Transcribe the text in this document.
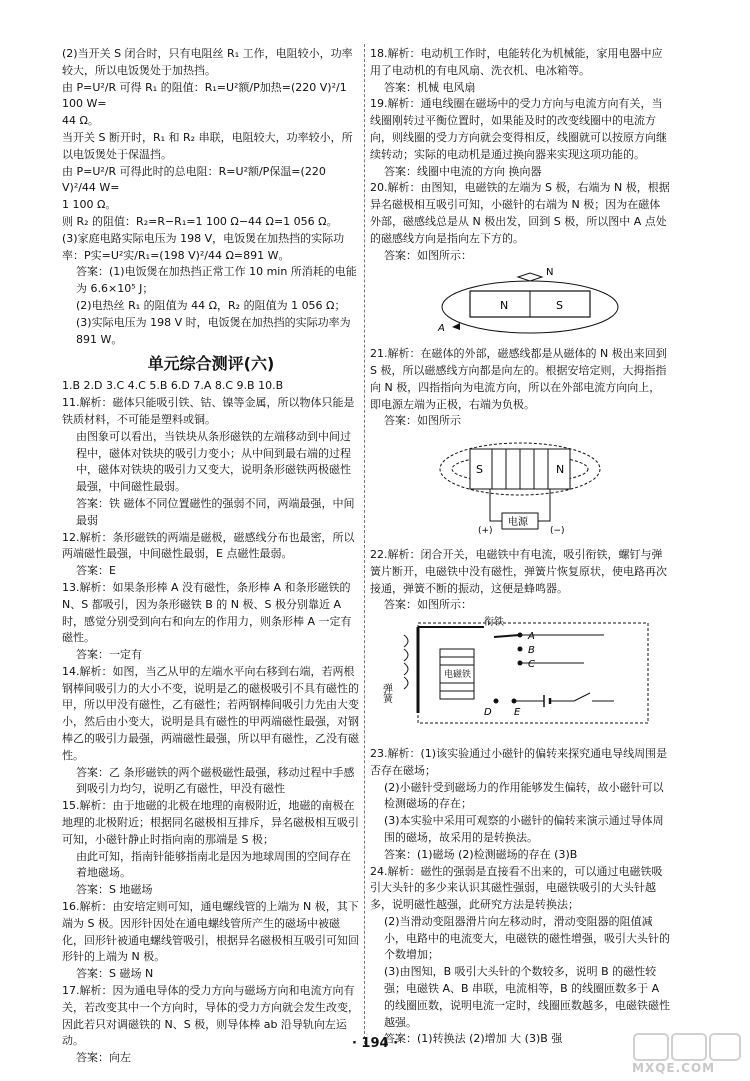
(2)当开关 S 闭合时，只有电阻丝 R₁ 工作，电阻较小，功率较大，所以电饭煲处于加热挡。

由 P=U²/R 可得 R₁ 的阻值：R₁=U²额/P加热=(220 V)²/1 100 W=

44 Ω。

当开关 S 断开时，R₁ 和 R₂ 串联，电阻较大，功率较小，所以电饭煲处于保温挡。

由 P=U²/R 可得此时的总电阻：R=U²额/P保温=(220 V)²/44 W=

1 100 Ω。

则 R₂ 的阻值：R₂=R−R₁=1 100 Ω−44 Ω=1 056 Ω。

(3)家庭电路实际电压为 198 V，电饭煲在加热挡的实际功率：P实=U²实/R₁=(198 V)²/44 Ω=891 W。

答案：(1)电饭煲在加热挡正常工作 10 min 所消耗的电能为 6.6×10⁵ J；

(2)电热丝 R₁ 的阻值为 44 Ω，R₂ 的阻值为 1 056 Ω；

(3)实际电压为 198 V 时，电饭煲在加热挡的实际功率为 891 W。

单元综合测评(六)

1.B 2.D 3.C 4.C 5.B 6.D 7.A 8.C 9.B 10.B

11.解析：磁体只能吸引铁、钴、镍等金属，所以物体只能是铁质材料，不可能是塑料或铜。

由图象可以看出，当铁块从条形磁铁的左端移动到中间过程中，磁体对铁块的吸引力变小；从中间到最右端的过程中，磁体对铁块的吸引力又变大，说明条形磁铁两极磁性最强，中间磁性最弱。

答案：铁 磁体不同位置磁性的强弱不同，两端最强，中间最弱

12.解析：条形磁铁的两端是磁极，磁感线分布也最密，所以两端磁性最强，中间磁性最弱，E 点磁性最弱。

答案：E

13.解析：如果条形棒 A 没有磁性，条形棒 A 和条形磁铁的 N、S 都吸引，因为条形磁铁 B 的 N 极、S 极分别靠近 A 时，感觉分别受到向右和向左的作用力，则条形棒 A 一定有磁性。

答案：一定有

14.解析：如图，当乙从甲的左端水平向右移到右端，若两根钢棒间吸引力的大小不变，说明是乙的磁极吸引不具有磁性的甲，所以甲没有磁性，乙有磁性；若两钢棒间吸引力先由大变小，然后由小变大，说明是具有磁性的甲两端磁性最强，对钢棒乙的吸引力最强，两端磁性最强，所以甲有磁性，乙没有磁性。

答案：乙 条形磁铁的两个磁极磁性最强，移动过程中手感到吸引力均匀，说明乙有磁性，甲没有磁性

15.解析：由于地磁的北极在地理的南极附近，地磁的南极在地理的北极附近；根据同名磁极相互排斥，异名磁极相互吸引可知，小磁针静止时指向南的那端是 S 极；

由此可知，指南针能够指南北是因为地球周围的空间存在着地磁场。

答案：S 地磁场

16.解析：由安培定则可知，通电螺线管的上端为 N 极，其下端为 S 极。因形针因处在通电螺线管所产生的磁场中被磁化，回形针被通电螺线管吸引，根据异名磁极相互吸引可知回形针的上端为 N 极。

答案：S 磁场 N

17.解析：因为通电导体的受力方向与磁场方向和电流方向有关，若改变其中一个方向时，导体的受力方向就会发生改变，因此若只对调磁铁的 N、S 极，则导体棒 ab 沿导轨向左运动。

答案：向左

18.解析：电动机工作时，电能转化为机械能，家用电器中应用了电动机的有电风扇、洗衣机、电冰箱等。

答案：机械 电风扇

19.解析：通电线圈在磁场中的受力方向与电流方向有关，当线圈刚转过平衡位置时，如果能及时的改变线圈中的电流方向，则线圈的受力方向就会变得相反，线圈就可以按原方向继续转动；实际的电动机是通过换向器来实现这项功能的。

答案：线圈中电流的方向 换向器

20.解析：由图知，电磁铁的左端为 S 极，右端为 N 极，根据异名磁极相互吸引可知，小磁针的右端为 N 极；因为在磁体外部，磁感线总是从 N 极出发，回到 S 极，所以图中 A 点处的磁感线方向是指向左下方的。

答案：如图所示：

N	S
N
A

21.解析：在磁体的外部，磁感线都是从磁体的 N 极出来回到 S 极，所以磁感线方向都是向左的。根据安培定则，大拇指指向 N 极，四指指向为电流方向，所以在外部电流方向向上，即电源左端为正极，右端为负极。

答案：如图所示

S	N
电源
(+)	(−)

22.解析：闭合开关，电磁铁中有电流，吸引衔铁，螺钉与弹簧片断开，电磁铁中没有磁性，弹簧片恢复原状，使电路再次接通，弹簧不断的振动，这便是蜂鸣器。

答案：如图所示：

弹簧
电磁铁
衔铁
A
B
C
D E

23.解析：(1)该实验通过小磁针的偏转来探究通电导线周围是否存在磁场；

(2)小磁针受到磁场力的作用能够发生偏转，故小磁针可以检测磁场的存在；

(3)本实验中采用可观察的小磁针的偏转来演示通过导体周围的磁场，故采用的是转换法。

答案：(1)磁场 (2)检测磁场的存在 (3)B

24.解析：磁性的强弱是直接看不出来的，可以通过电磁铁吸引大头针的多少来认识其磁性强弱，电磁铁吸引的大头针越多，说明磁性越强，此研究方法是转换法；

(2)当滑动变阻器滑片向左移动时，滑动变阻器的阻值减小，电路中的电流变大，电磁铁的磁性增强，吸引大头针的个数增加；

(3)由图知，B 吸引大头针的个数较多，说明 B 的磁性较强；电磁铁 A、B 串联，电流相等，B 的线圈匝数多于 A 的线圈匝数，说明电流一定时，线圈匝数越多，电磁铁磁性越强。

答案：(1)转换法 (2)增加 大 (3)B 强

· 194 ·
MXQE.COM
